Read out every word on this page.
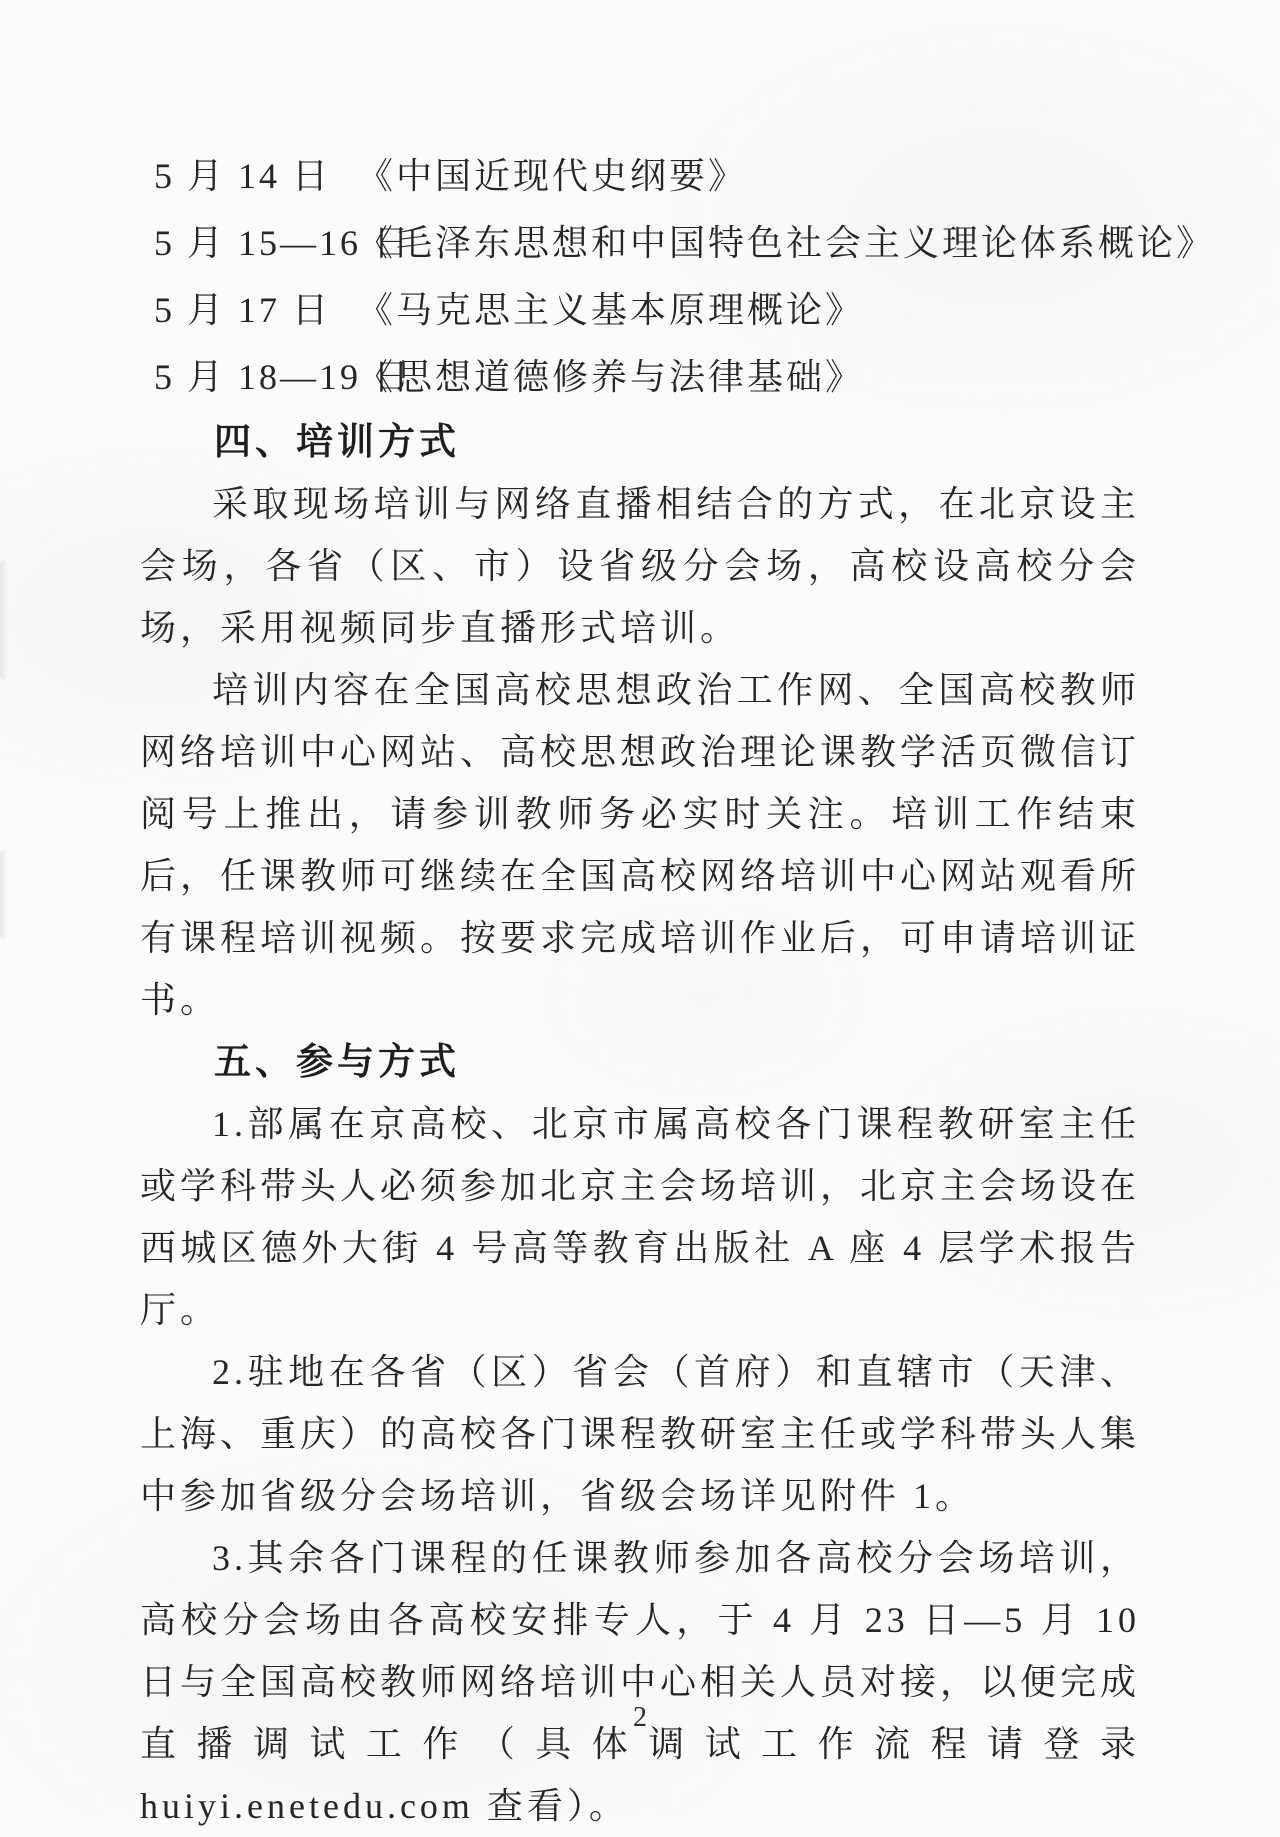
5 月 14 日 《中国近现代史纲要》
5 月 15—16 日
《毛泽东思想和中国特色社会主义理论体系概论》
5 月 17 日 《马克思主义基本原理概论》
5 月 18—19 日
《思想道德修养与法律基础》
四、培训方式

采取现场培训与网络直播相结合的方式，在北京设主会场，各省（区、市）设省级分会场，高校设高校分会场，采用视频同步直播形式培训。

培训内容在全国高校思想政治工作网、全国高校教师网络培训中心网站、高校思想政治理论课教学活页微信订阅号上推出，请参训教师务必实时关注。培训工作结束后，任课教师可继续在全国高校网络培训中心网站观看所有课程培训视频。按要求完成培训作业后，可申请培训证书。

五、参与方式

1.部属在京高校、北京市属高校各门课程教研室主任或学科带头人必须参加北京主会场培训，北京主会场设在西城区德外大街 4 号高等教育出版社 A 座 4 层学术报告厅。

2.驻地在各省（区）省会（首府）和直辖市（天津、上海、重庆）的高校各门课程教研室主任或学科带头人集中参加省级分会场培训，省级会场详见附件 1。

3.其余各门课程的任课教师参加各高校分会场培训，高校分会场由各高校安排专人，于 4 月 23 日—5 月 10 日与全国高校教师网络培训中心相关人员对接，以便完成直播调试工作（具体调试工作流程请登录 huiyi.enetedu.com 查看）。

2
